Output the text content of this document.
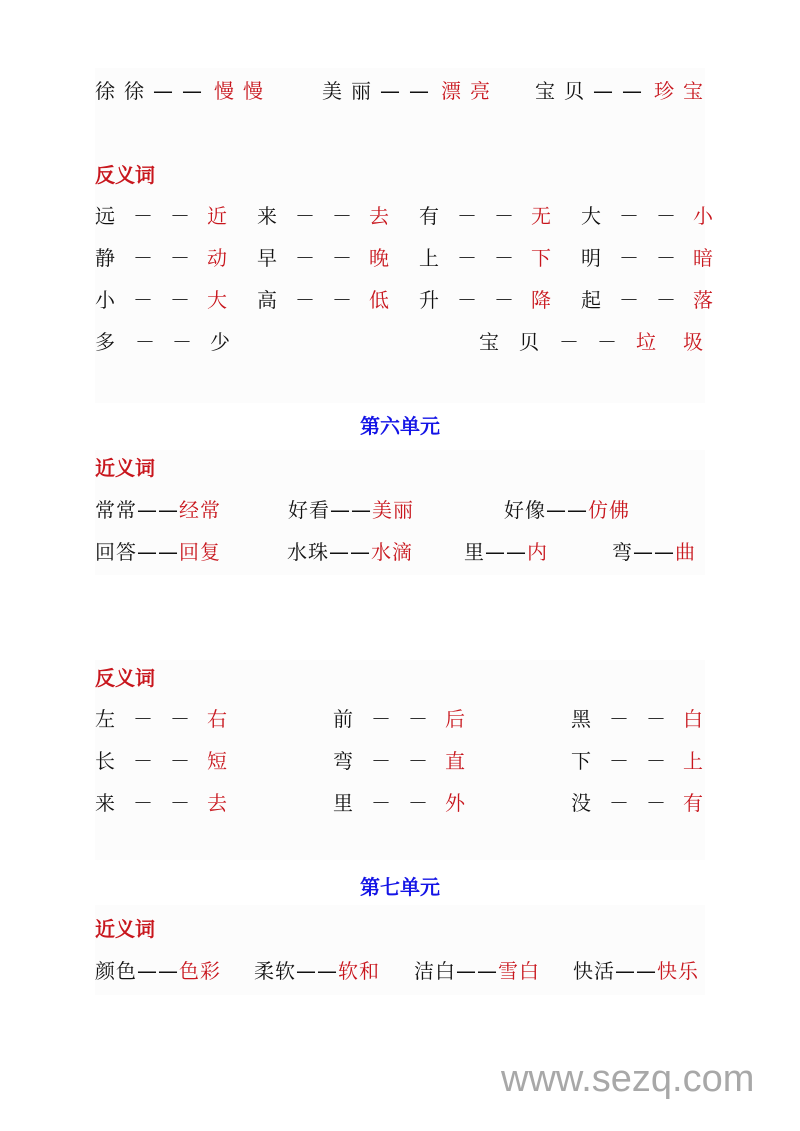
徐 徐 — — 慢 慢	美 丽 — — 漂 亮 宝 贝 — — 珍 宝
反义词
远 － － 近 来 － － 去 有 － － 无 大 － － 小
静 － － 动 早 － － 晚 上 － － 下 明 － － 暗
小 － － 大 高 － － 低 升 － － 降 起 － － 落
多 － － 少	宝 贝 － － 垃 圾
第六单元
近义词
常常——经常	好看——美丽	好像——仿佛
回答——回复	水珠——水滴	里——内	弯——曲
反义词
左 － － 右	前 － － 后	黑 － － 白
长 － － 短	弯 － － 直	下 － － 上
来 － － 去	里 － － 外	没 － － 有
第七单元
近义词
颜色——色彩 柔软——软和 洁白——雪白 快活——快乐
www.sezq.com
